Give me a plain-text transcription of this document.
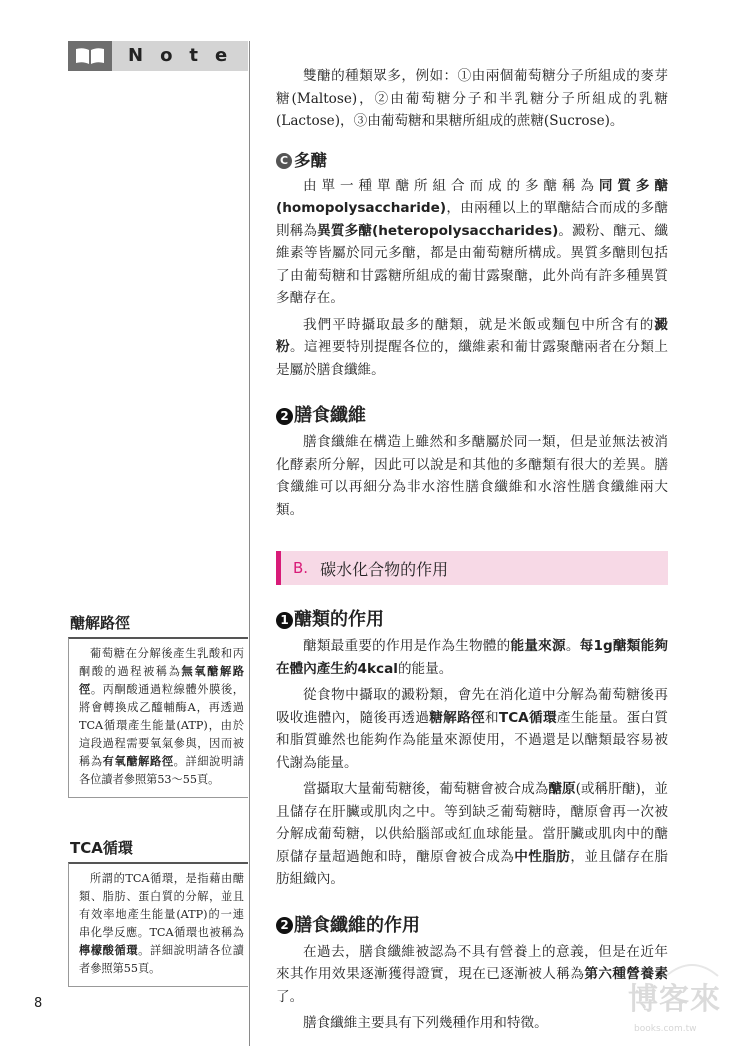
Note
醣解路徑
葡萄糖在分解後產生乳酸和丙酮酸的過程被稱為無氧醣解路徑。丙酮酸通過粒線體外膜後，將會轉換成乙醯輔酶A，再透過TCA循環產生能量(ATP)，由於這段過程需要氧氣參與，因而被稱為有氧醣解路徑。詳細說明請各位讀者參照第53～55頁。
TCA循環
所謂的TCA循環，是指藉由醣類、脂肪、蛋白質的分解，並且有效率地產生能量(ATP)的一連串化學反應。TCA循環也被稱為檸檬酸循環。詳細說明請各位讀者參照第55頁。
8

雙醣的種類眾多，例如：①由兩個葡萄糖分子所組成的麥芽糖(Maltose)，②由葡萄糖分子和半乳糖分子所組成的乳糖(Lactose)，③由葡萄糖和果糖所組成的蔗糖(Sucrose)。

C 多醣

由單一種單醣所組合而成的多醣稱為同質多醣(homopolysaccharide)，由兩種以上的單醣結合而成的多醣則稱為異質多醣(heteropolysaccharides)。澱粉、醣元、纖維素等皆屬於同元多醣，都是由葡萄糖所構成。異質多醣則包括了由葡萄糖和甘露糖所組成的葡甘露聚醣，此外尚有許多種異質多醣存在。

我們平時攝取最多的醣類，就是米飯或麵包中所含有的澱粉。這裡要特別提醒各位的，纖維素和葡甘露聚醣兩者在分類上是屬於膳食纖維。

2 膳食纖維

膳食纖維在構造上雖然和多醣屬於同一類，但是並無法被消化酵素所分解，因此可以說是和其他的多醣類有很大的差異。膳食纖維可以再細分為非水溶性膳食纖維和水溶性膳食纖維兩大類。

B. 碳水化合物的作用
1 醣類的作用

醣類最重要的作用是作為生物體的能量來源。每1g醣類能夠在體內產生約4kcal的能量。

從食物中攝取的澱粉類，會先在消化道中分解為葡萄糖後再吸收進體內，隨後再透過糖解路徑和TCA循環產生能量。蛋白質和脂質雖然也能夠作為能量來源使用，不過還是以醣類最容易被代謝為能量。

當攝取大量葡萄糖後，葡萄糖會被合成為醣原(或稱肝醣)，並且儲存在肝臟或肌肉之中。等到缺乏葡萄糖時，醣原會再一次被分解成葡萄糖，以供給腦部或紅血球能量。當肝臟或肌肉中的醣原儲存量超過飽和時，醣原會被合成為中性脂肪，並且儲存在脂肪組織內。

2 膳食纖維的作用

在過去，膳食纖維被認為不具有營養上的意義，但是在近年來其作用效果逐漸獲得證實，現在已逐漸被人稱為第六種營養素了。

膳食纖維主要具有下列幾種作用和特徵。

博客來
books.com.tw
